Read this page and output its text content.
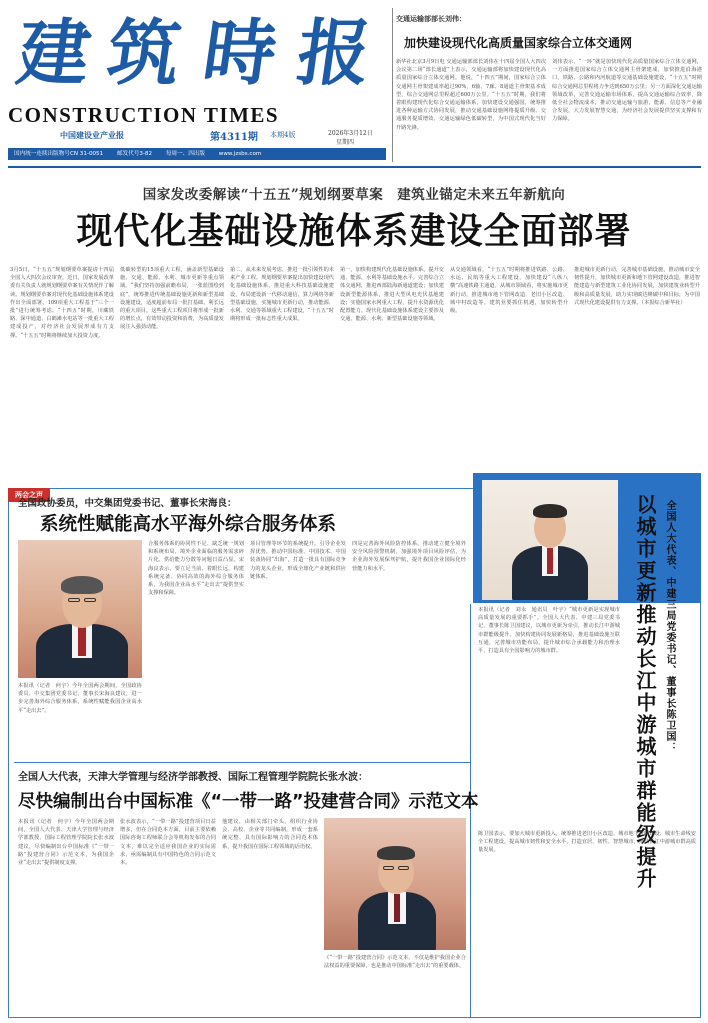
建 筑 時 报
CONSTRUCTION TIMES
中国建设业产业报	第4311期 本期4版	2026年3月12日
星期四
国内统一连续出版物号CN 31-0051 邮发代号3-82 每周一、四出版 www.jzsbs.com
交通运输部部长刘伟：
加快建设现代化高质量国家综合立体交通网
新华社北京3月9日电 交通运输部部长刘伟在十四届全国人大四次会议第二场“部长通道”上表示，交通运输部将加快建设现代化高质量国家综合立体交通网。他说，“十四五”期间，国家综合立体交通网主骨架建成率超过90%，6轴、7廊、8通道主骨架基本成型，综合交通网总里程超过600万公里。“十五五”时期，我们将着眼构建现代化综合交通运输体系，加快建设交通强国，统筹推进各种运输方式协同发展，推动交通基础设施网络提质升级、交通服务提质增效、交通运输绿色低碳转型，为中国式现代化当好开路先锋。
刘伟表示，“一环”就是加快现代化高质量国家综合立体交通网，一方面推进国家综合立体交通网主骨架建成，加快推进沿海港口、铁路、公路和内河航道等交通基础设施建设，“十五五”时期综合交通网总里程将力争达到650万公里；另一方面深化交通运输领域改革，完善交通运输市场体系，提高交通运输综合效率，降低全社会物流成本，推动交通运输与旅游、能源、信息等产业融合发展，大力发展智慧交通，为经济社会发展提供坚实支撑和有力保障。
国家发改委解读“十五五”规划纲要草案　建筑业锚定未来五年新航向
现代化基础设施体系建设全面部署
3月5日，“十五五”规划纲要草案提请十四届全国人大四次会议审查。近日，国家发展改革委有关负责人就规划纲要草案有关情况作了解读。规划纲要草案对现代化基础设施体系建设作出全面部署。109项重大工程基于“三个一批”进行统筹考虑。“十四五”时期，川藏铁路、深中通道、白鹤滩水电站等一批重大工程建成投产，对经济社会发展形成有力支撑。“十五五”时期将继续加大投资力度。
低碳转型的15项重大工程，涵盖新型基础设施、交通、能源、水利、城市更新等重点领域。“我们坚持加强前瞻布局，一张蓝图绘到底”，统筹推进传统基础设施更新和新型基础设施建设，适度超前布局一批打基础、利长远的重大项目。这些重大工程项目将形成一批新的增长点，有效带动投资和消费，为高质量发展注入强劲动能。
第二，从未来发展考虑，推进一批引领性的未来产业工程。规划纲要草案提出加快建设现代化基础设施体系，推进重大科技基础设施建设，布局建设新一代移动通信、算力网络等新型基础设施，实施城市更新行动，推动能源、水利、交通等领域重大工程建设，“十五五”时期将形成一批标志性重大成果。
第一，加快构建现代化基础设施体系，提升交通、能源、水利等基础设施水平。完善综合立体交通网，推进西部陆海新通道建设；加快建设新型能源体系，推进大型风电光伏基地建设；实施国家水网重大工程，提升水资源优化配置能力。现代化基础设施体系建设主要涉及交通、能源、水利、新型基础设施等领域。
从交通领域看，“十五五”时期将推进铁路、公路、水运、民航等重大工程建设，加快建设“八纵八横”高速铁路主通道。从城市领域看，将实施城市更新行动，推进城市地下管网改造、老旧小区改造、城中村改造等。建筑业要抓住机遇，加快转型升级。
推进城市更新行动，完善城市基础设施，推动城市安全韧性提升，加快城市更新和地下管网建设改造，推进智能建造与新型建筑工业化协同发展，加快建筑业转型升级和高质量发展，助力实现碳达峰碳中和目标，为中国式现代化建设提供有力支撑。（本报综合新华社）
两会之声
全国政协委员，中交集团党委书记、董事长宋海良：
系统性赋能高水平海外综合服务体系
本报讯（记者　何宇）今年全国两会期间，全国政协委员、中交集团党委书记、董事长宋海良建议，进一步完善海外综合服务体系，系统性赋能我国企业高水平“走出去”。
合服务体系的协同性不足、缺乏统一规划和系统布局，境外企业面临的服务需求碎片化、供给能力分散等问题日益凸显。宋海良表示，要立足当前、着眼长远，构建系统完备、协同高效的海外综合服务体系，为我国企业高水平“走出去”提供坚实支撑和保障。
项目管理等环节的系统提升。引导企业发挥优势，推动中国标准、中国技术、中国装备协同“出海”，打造一批具有国际竞争力的龙头企业，形成全球化产业链和供应链体系。
四是完善海外风险防控体系。推动建立健全境外安全风险预警机制，加强境外项目风险评估，为企业海外发展保驾护航，提升我国企业国际化经营能力和水平。	全国人大代表、中建三局党委书记、董事长陈卫国：
以城市更新推动长江中游城市群能级提升
本报讯（记者　刘永　通讯员　叶宇）“城市更新是实现城市高质量发展的重要抓手”。全国人大代表、中建三局党委书记、董事长陈卫国建议，以城市更新为牵引，推动长江中游城市群能级提升，加快构建协同发展新格局，推进基础设施互联互通，完善城市功能布局，提升城市综合承载能力和治理水平，打造具有全国影响力的城市群。
陈卫国表示，要加大城市更新投入，统筹推进老旧小区改造、城市地下管网建设、城市生命线安全工程建设，提高城市韧性和安全水平，打造宜居、韧性、智慧城市，推动长江中游城市群高质量发展。
全国人大代表，天津大学管理与经济学部教授、国际工程管理学院院长张水波：
尽快编制出台中国标准《“一带一路”投建营合同》示范文本
本报讯（记者　何宇）今年全国两会期间，全国人大代表、天津大学管理与经济学部教授、国际工程管理学院院长张水波建议，尽快编制出台中国标准《“一带一路”投建营合同》示范文本，为我国企业“走出去”提供制度支撑。
张水波表示，“一带一路”投建营项目日益增多，但在合同范本方面，目前主要依赖国际咨询工程师联合会等机构发布的合同文本，难以完全适应我国企业的实际需求，亟需编制具有中国特色的合同示范文本。
他建议，由相关部门牵头，组织行业协会、高校、企业等共同编制，形成一套系统完整、具有国际影响力的合同范本体系，提升我国在国际工程领域的话语权。
《“一带一路”投建营合同》示范文本，不仅是维护我国企业合法权益的重要保障，也是推动中国标准“走出去”的重要载体。
